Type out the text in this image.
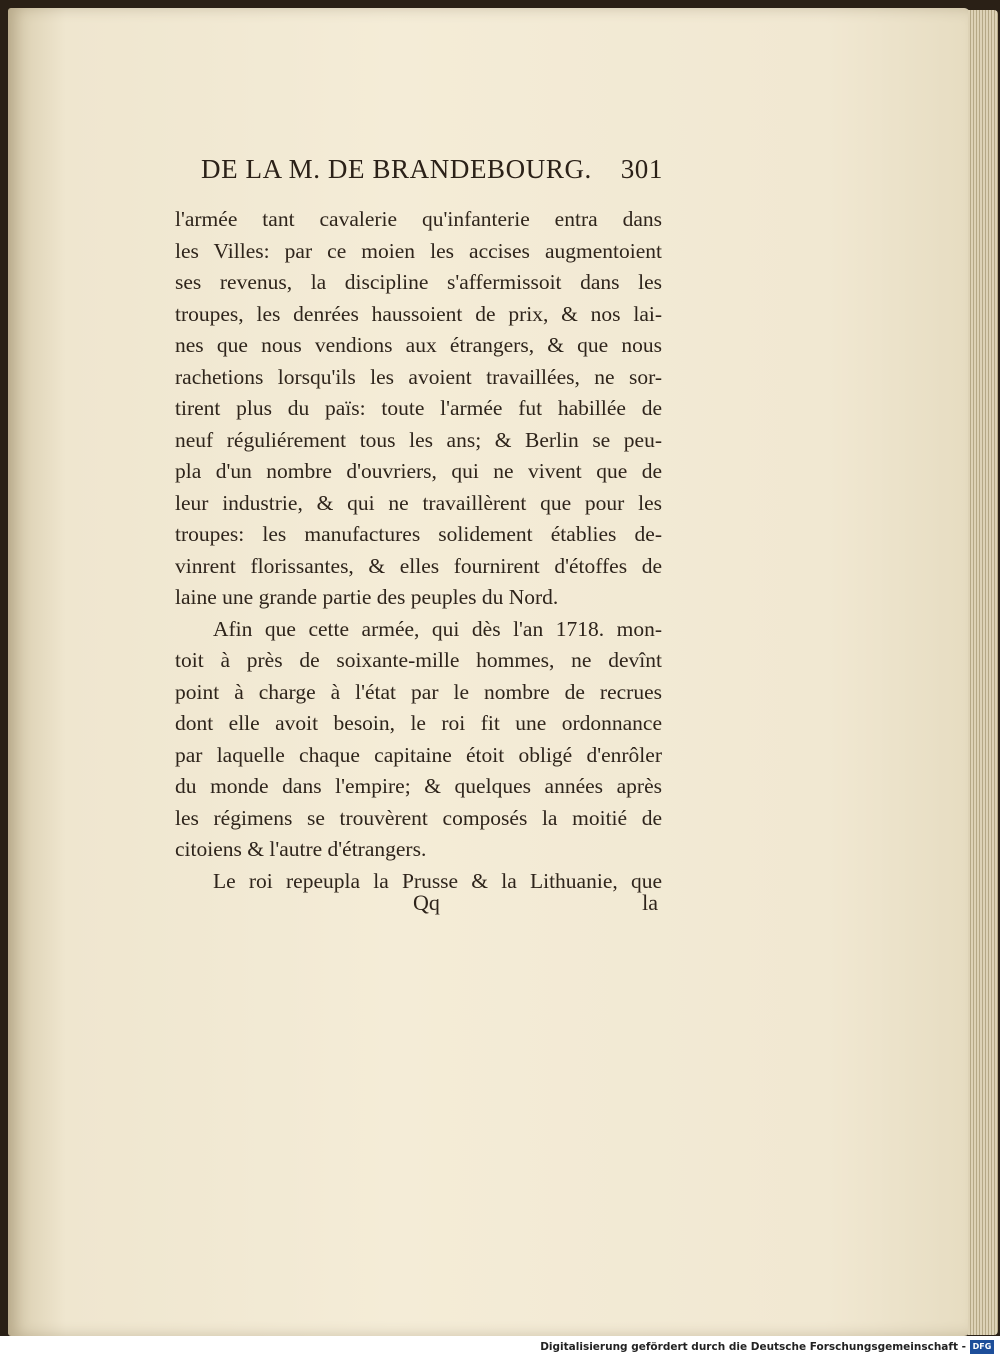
DE LA M. DE BRANDEBOURG. 301
l'armée tant cavalerie qu'infanterie entra dans
les Villes: par ce moien les accises augmentoient
ses revenus, la discipline s'affermissoit dans les
troupes, les denrées haussoient de prix, & nos lai-
nes que nous vendions aux étrangers, & que nous
rachetions lorsqu'ils les avoient travaillées, ne sor-
tirent plus du païs: toute l'armée fut habillée de
neuf réguliérement tous les ans; & Berlin se peu-
pla d'un nombre d'ouvriers, qui ne vivent que de
leur industrie, & qui ne travaillèrent que pour les
troupes: les manufactures solidement établies de-
vinrent florissantes, & elles fournirent d'étoffes de
laine une grande partie des peuples du Nord.
Afin que cette armée, qui dès l'an 1718. mon-
toit à près de soixante-mille hommes, ne devînt
point à charge à l'état par le nombre de recrues
dont elle avoit besoin, le roi fit une ordonnance
par laquelle chaque capitaine étoit obligé d'enrôler
du monde dans l'empire; & quelques années après
les régimens se trouvèrent composés la moitié de
citoiens & l'autre d'étrangers.
Le roi repeupla la Prusse & la Lithuanie, que
Qq	la
Digitalisierung gefördert durch die Deutsche Forschungsgemeinschaft - DFG
